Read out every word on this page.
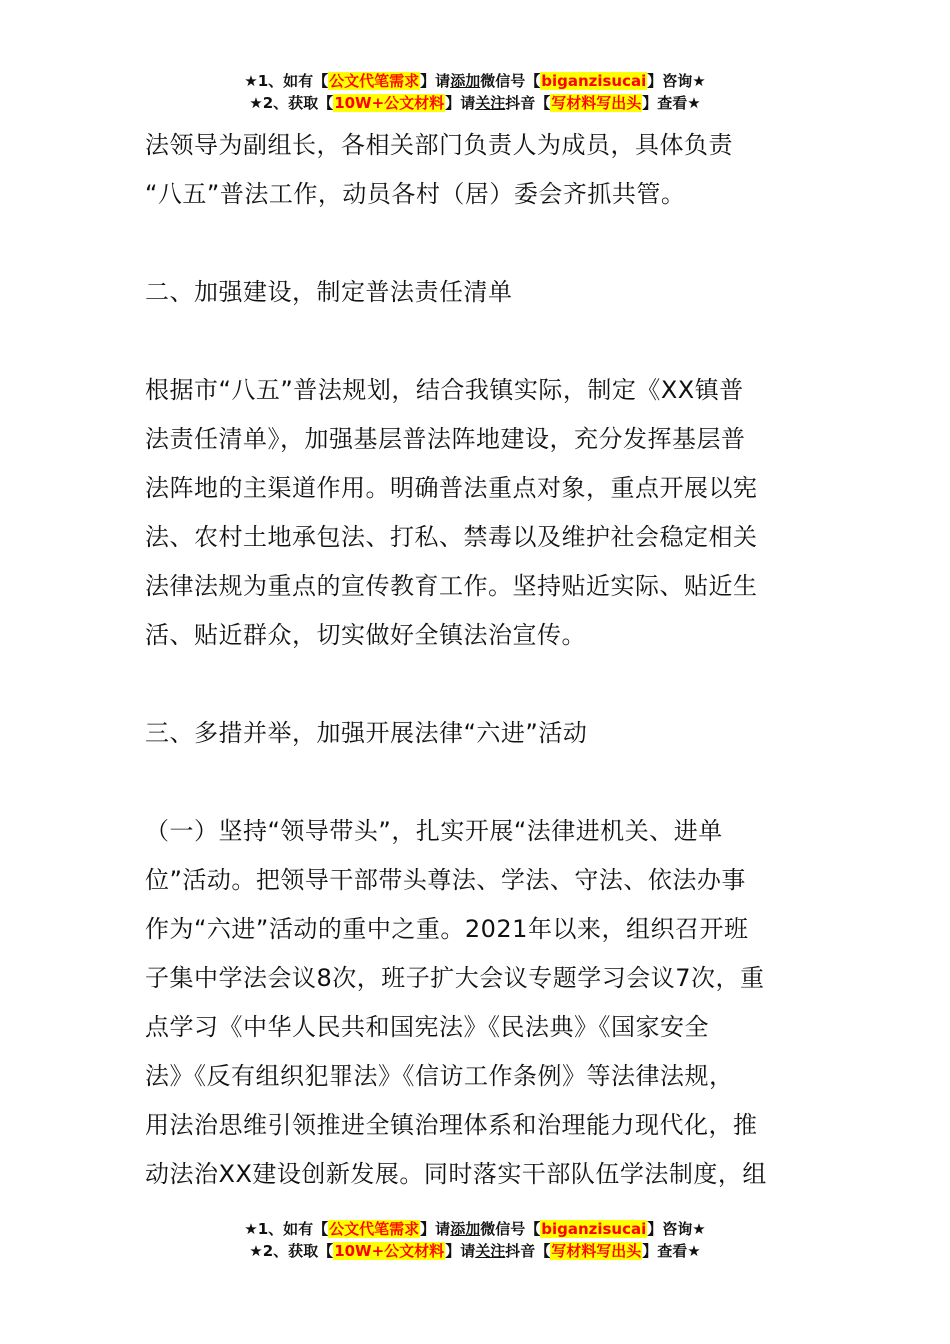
★1、如有【公文代笔需求】请添加微信号【biganzisucai】咨询★
★2、获取【10W+公文材料】请关注抖音【写材料写出头】查看★

法领导为副组长，各相关部门负责人为成员，具体负责

“八五”普法工作，动员各村（居）委会齐抓共管。

二、加强建设，制定普法责任清单

根据市“八五”普法规划，结合我镇实际，制定《XX镇普

法责任清单》，加强基层普法阵地建设，充分发挥基层普

法阵地的主渠道作用。明确普法重点对象，重点开展以宪

法、农村土地承包法、打私、禁毒以及维护社会稳定相关

法律法规为重点的宣传教育工作。坚持贴近实际、贴近生

活、贴近群众，切实做好全镇法治宣传。

三、多措并举，加强开展法律“六进”活动

（一）坚持“领导带头”，扎实开展“法律进机关、进单

位”活动。把领导干部带头尊法、学法、守法、依法办事

作为“六进”活动的重中之重。2021年以来，组织召开班

子集中学法会议8次，班子扩大会议专题学习会议7次，重

点学习《中华人民共和国宪法》《民法典》《国家安全

法》《反有组织犯罪法》《信访工作条例》等法律法规，

用法治思维引领推进全镇治理体系和治理能力现代化，推

动法治XX建设创新发展。同时落实干部队伍学法制度，组

★1、如有【公文代笔需求】请添加微信号【biganzisucai】咨询★
★2、获取【10W+公文材料】请关注抖音【写材料写出头】查看★
